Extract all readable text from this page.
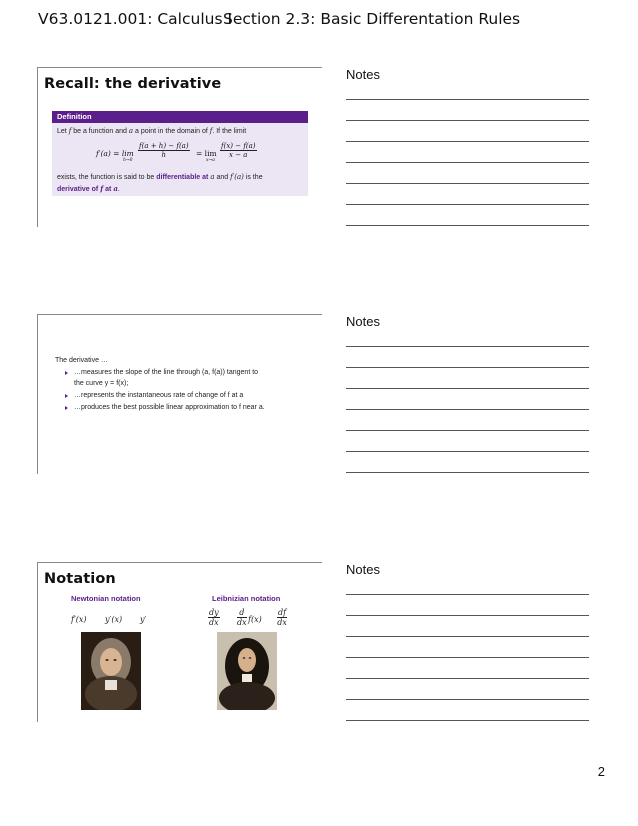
V63.0121.001: Calculus I
Section 2.3: Basic Differentation Rules
Recall: the derivative
Definition
Let f be a function and a a point in the domain of f. If the limit
f′(a) = lim
h→0
$\frac{f(a + h) - f(a)}{h} = \lim$
x→a
$\frac{f(x) - f(a)}{x - a}$
exists, the function is said to be differentiable at a and f′(a) is the
derivative of f at a.
The derivative …
…measures the slope of the line through (a, f(a)) tangent to
the curve y = f(x);
…represents the instantaneous rate of change of f at a
…produces the best possible linear approximation to f near a.
Notation
Newtonian notation	Leibnizian notation
f′(x) y′(x) y′	$\frac{dy}{dx} \frac{d}{dx} f(x) \frac{df}{dx}$
Notes
Notes
Notes
2
